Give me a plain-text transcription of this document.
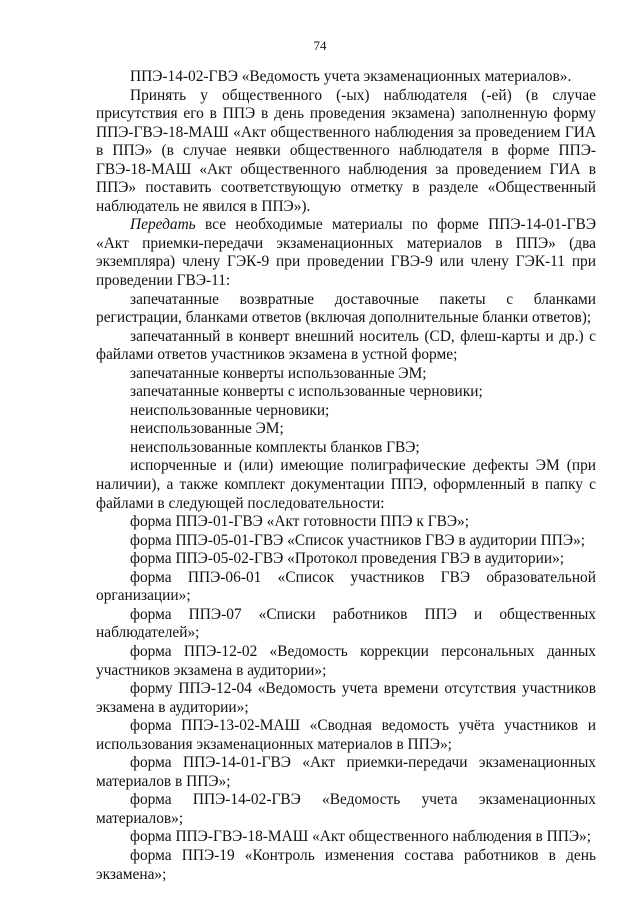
74

ППЭ-14-02-ГВЭ «Ведомость учета экзаменационных материалов».

Принять у общественного (-ых) наблюдателя (-ей) (в случае присутствия его в ППЭ в день проведения экзамена) заполненную форму ППЭ-ГВЭ-18-МАШ «Акт общественного наблюдения за проведением ГИА в ППЭ» (в случае неявки общественного наблюдателя в форме ППЭ-ГВЭ-18-МАШ «Акт общественного наблюдения за проведением ГИА в ППЭ» поставить соответствующую отметку в разделе «Общественный наблюдатель не явился в ППЭ»).

Передать все необходимые материалы по форме ППЭ-14-01-ГВЭ «Акт приемки-передачи экзаменационных материалов в ППЭ» (два экземпляра) члену ГЭК-9 при проведении ГВЭ-9 или члену ГЭК-11 при проведении ГВЭ-11:

запечатанные возвратные доставочные пакеты с бланками регистрации, бланками ответов (включая дополнительные бланки ответов);

запечатанный в конверт внешний носитель (CD, флеш-карты и др.) с файлами ответов участников экзамена в устной форме;

запечатанные конверты использованные ЭМ;

запечатанные конверты с использованные черновики;

неиспользованные черновики;

неиспользованные ЭМ;

неиспользованные комплекты бланков ГВЭ;

испорченные и (или) имеющие полиграфические дефекты ЭМ (при наличии), а также комплект документации ППЭ, оформленный в папку с файлами в следующей последовательности:

форма ППЭ-01-ГВЭ «Акт готовности ППЭ к ГВЭ»;

форма ППЭ-05-01-ГВЭ «Список участников ГВЭ в аудитории ППЭ»;

форма ППЭ-05-02-ГВЭ «Протокол проведения ГВЭ в аудитории»;

форма ППЭ-06-01 «Список участников ГВЭ образовательной организации»;

форма ППЭ-07 «Списки работников ППЭ и общественных наблюдателей»;

форма ППЭ-12-02 «Ведомость коррекции персональных данных участников экзамена в аудитории»;

форму ППЭ-12-04 «Ведомость учета времени отсутствия участников экзамена в аудитории»;

форма ППЭ-13-02-МАШ «Сводная ведомость учёта участников и использования экзаменационных материалов в ППЭ»;

форма ППЭ-14-01-ГВЭ «Акт приемки-передачи экзаменационных материалов в ППЭ»;

форма ППЭ-14-02-ГВЭ «Ведомость учета экзаменационных материалов»;

форма ППЭ-ГВЭ-18-МАШ «Акт общественного наблюдения в ППЭ»;

форма ППЭ-19 «Контроль изменения состава работников в день экзамена»;
